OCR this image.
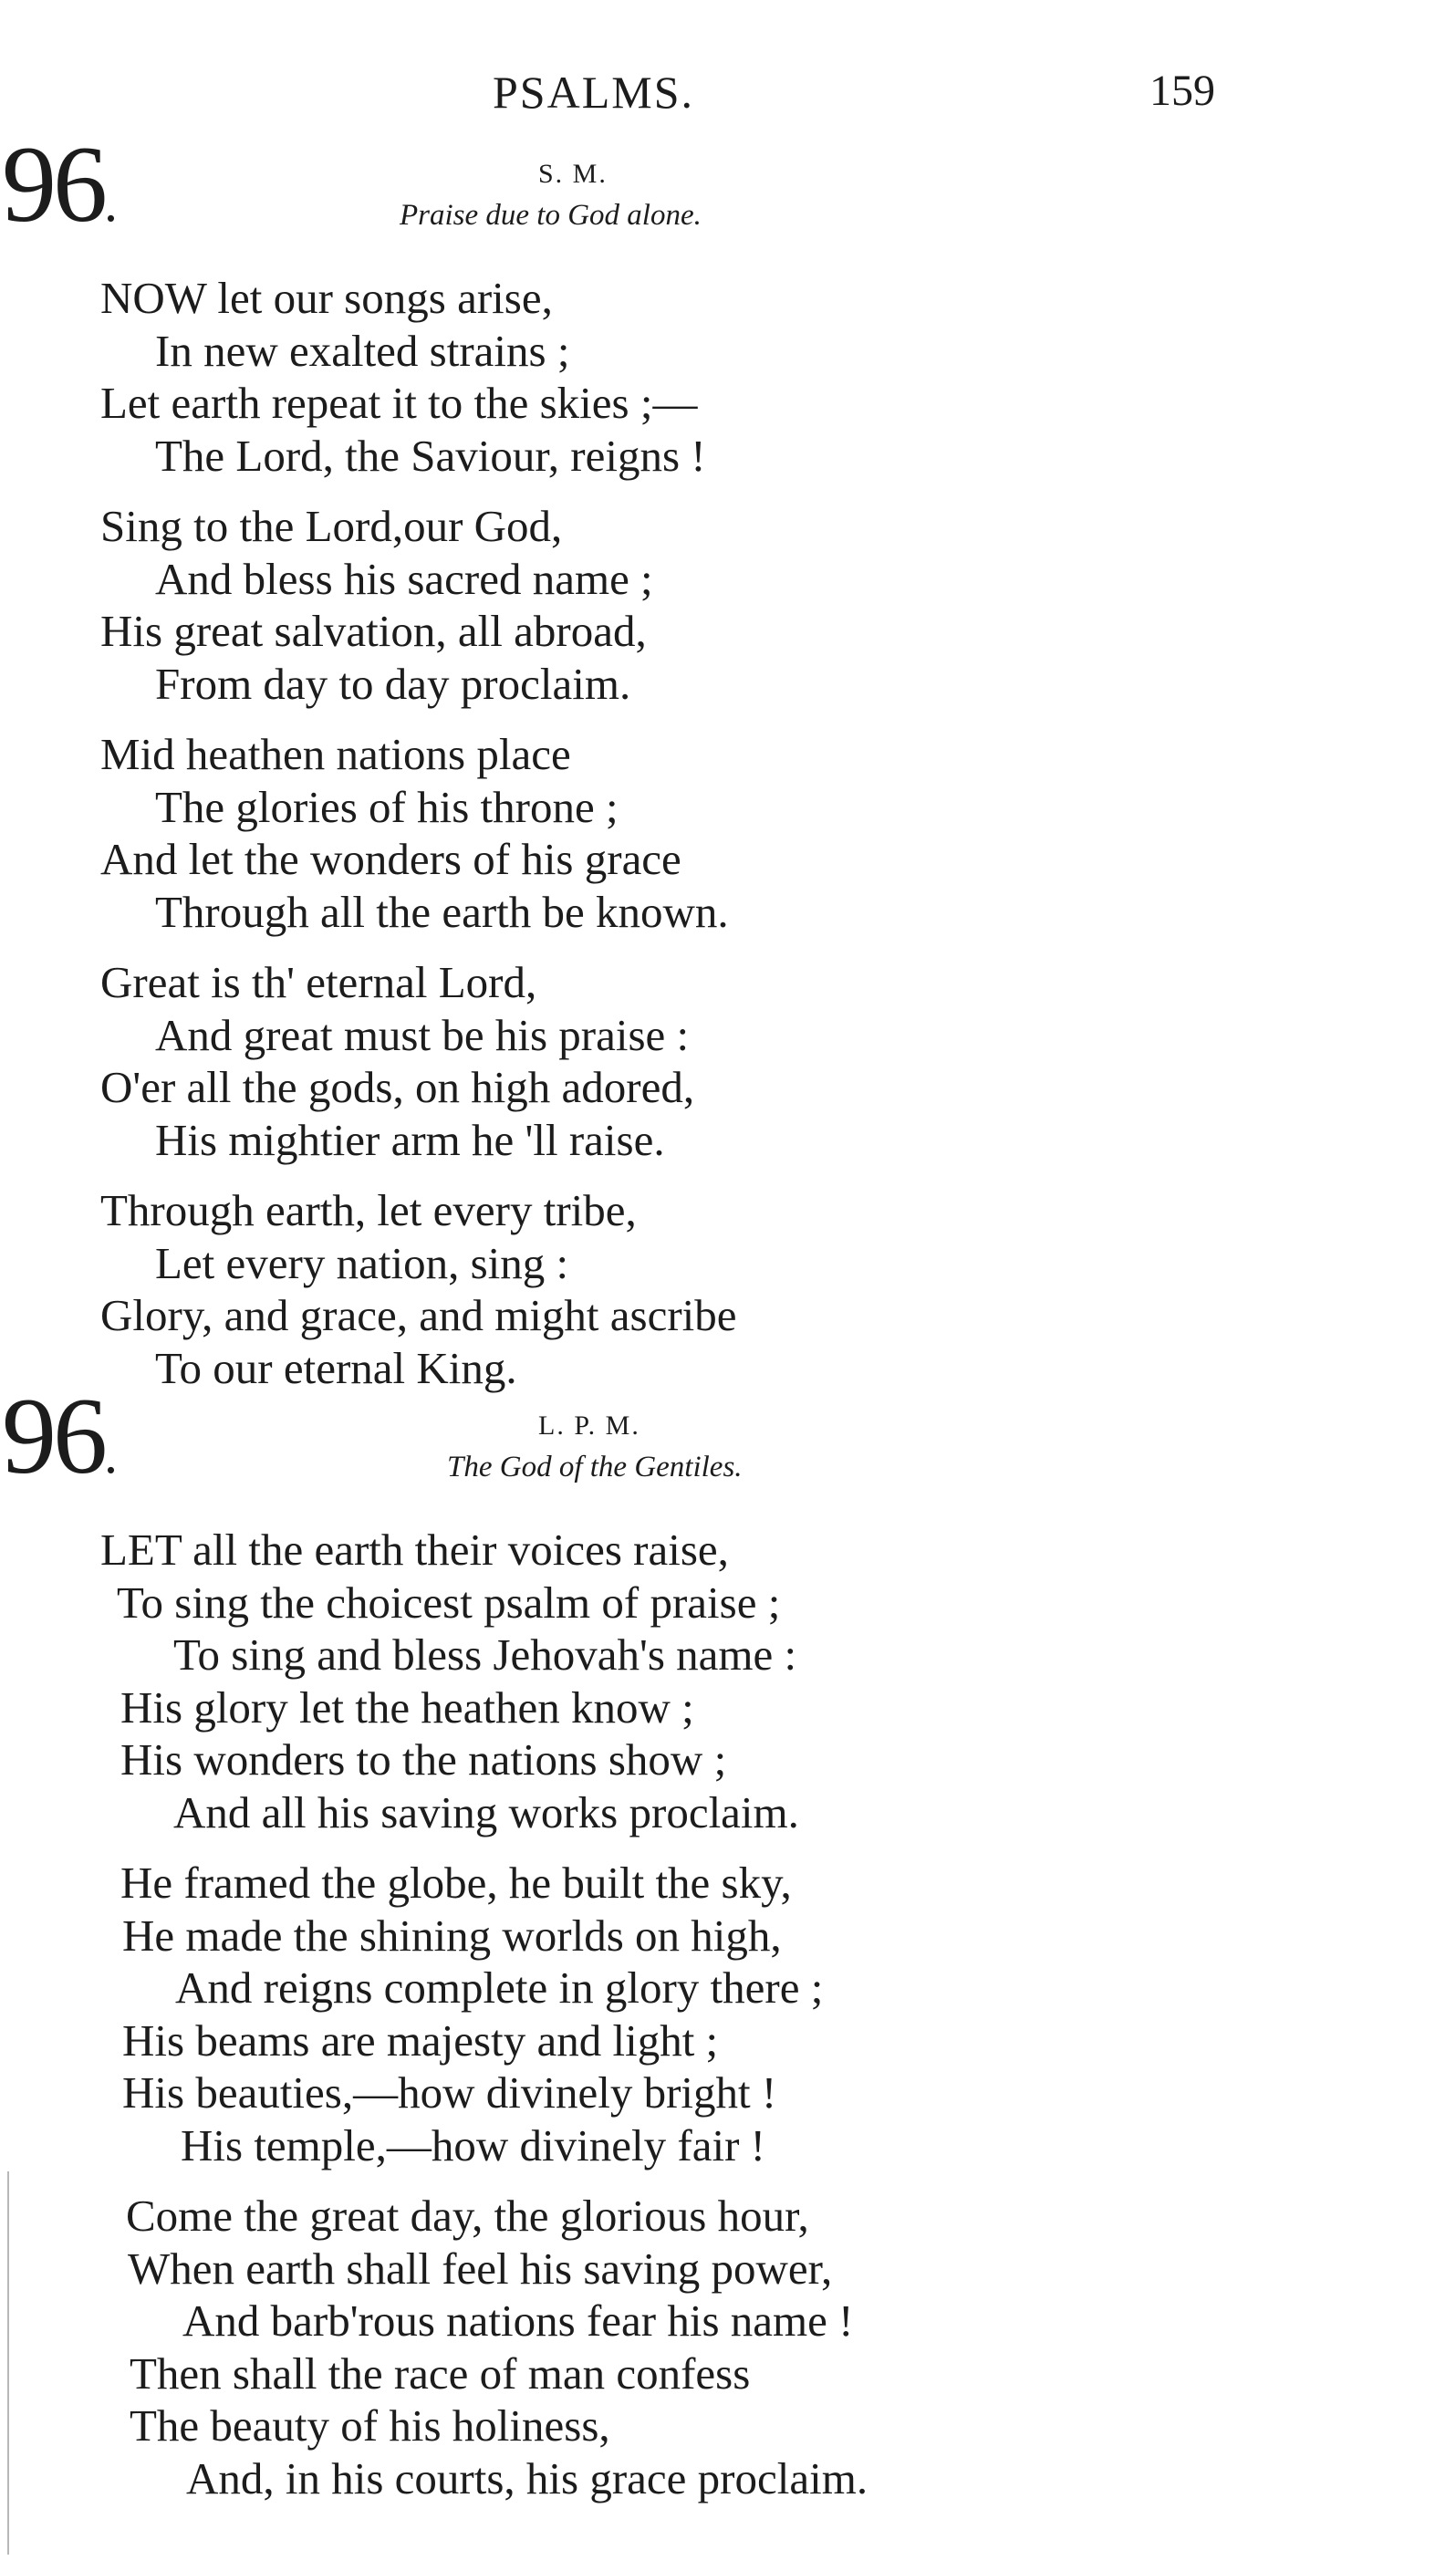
PSALMS.	159
96.	S. M.
Praise due to God alone.
NOW let our songs arise,
In new exalted strains ;
Let earth repeat it to the skies ;—
The Lord, the Saviour, reigns !
Sing to the Lord,our God,
And bless his sacred name ;
His great salvation, all abroad,
From day to day proclaim.
Mid heathen nations place
The glories of his throne ;
And let the wonders of his grace
Through all the earth be known.
Great is th' eternal Lord,
And great must be his praise :
O'er all the gods, on high adored,
His mightier arm he 'll raise.
Through earth, let every tribe,
Let every nation, sing :
Glory, and grace, and might ascribe
To our eternal King.
96.	L. P. M.
The God of the Gentiles.
LET all the earth their voices raise,
To sing the choicest psalm of praise ;
To sing and bless Jehovah's name :
His glory let the heathen know ;
His wonders to the nations show ;
And all his saving works proclaim.
He framed the globe, he built the sky,
He made the shining worlds on high,
And reigns complete in glory there ;
His beams are majesty and light ;
His beauties,—how divinely bright !
His temple,—how divinely fair !
Come the great day, the glorious hour,
When earth shall feel his saving power,
And barb'rous nations fear his name !
Then shall the race of man confess
The beauty of his holiness,
And, in his courts, his grace proclaim.
